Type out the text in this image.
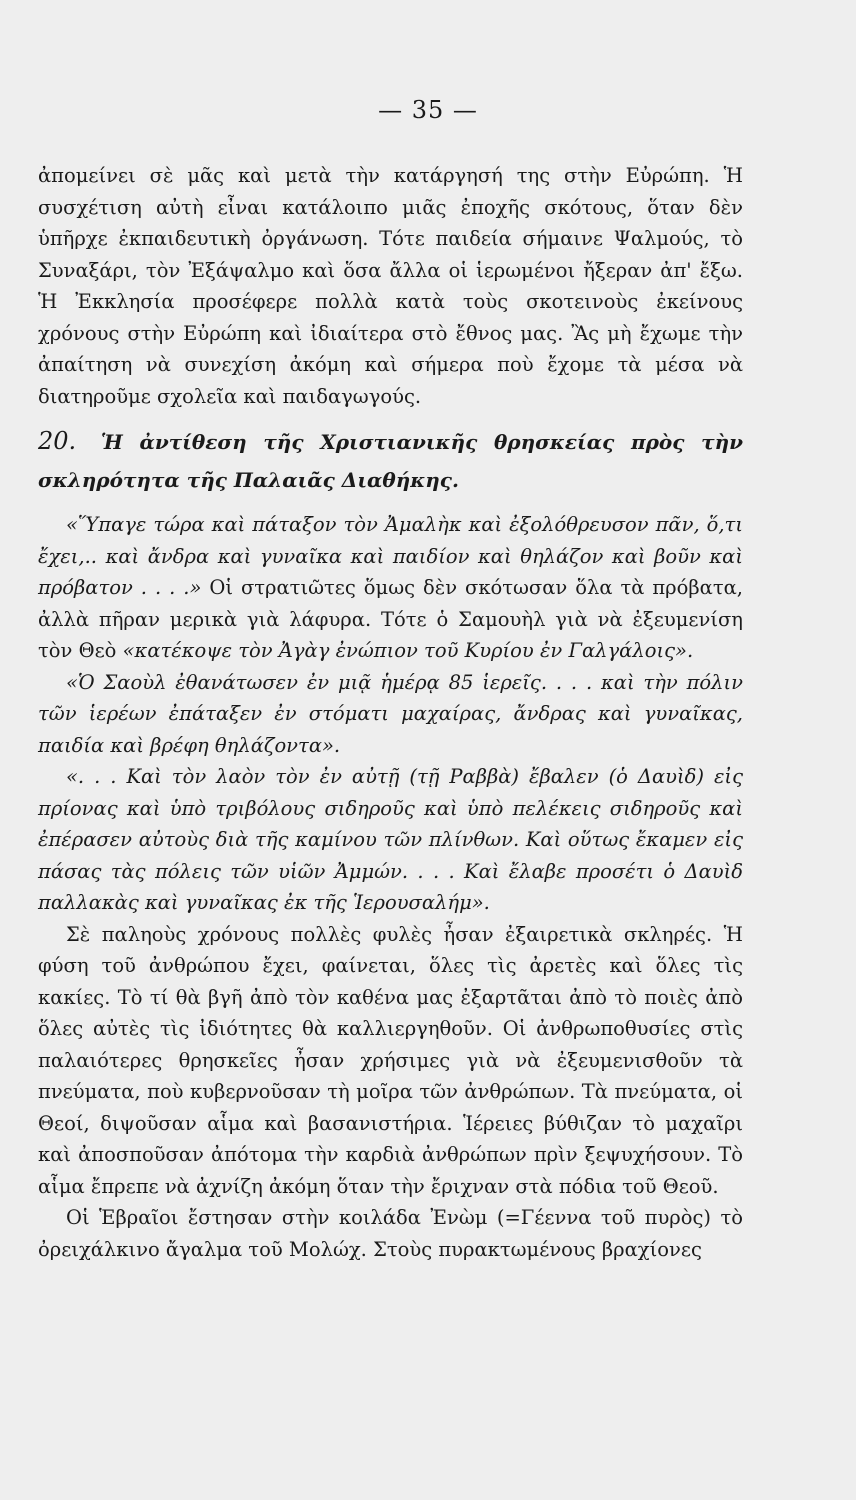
— 35 —

ἀπομείνει σὲ μᾶς καὶ μετὰ τὴν κατάργησή της στὴν Εὐρώπη. Ἡ συσχέτιση αὐτὴ εἶναι κατάλοιπο μιᾶς ἐποχῆς σκότους, ὅταν δὲν ὑπῆρχε ἐκπαιδευτικὴ ὀργάνωση. Τότε παιδεία σήμαινε Ψαλμούς, τὸ Συναξάρι, τὸν Ἐξάψαλμο καὶ ὅσα ἄλλα οἱ ἱερωμένοι ἤξεραν ἀπ' ἔξω. Ἡ Ἐκκλησία προσέφερε πολλὰ κατὰ τοὺς σκοτεινοὺς ἐκείνους χρόνους στὴν Εὐρώπη καὶ ἰδιαίτερα στὸ ἔθνος μας. Ἂς μὴ ἔχωμε τὴν ἀπαίτηση νὰ συνεχίση ἀκόμη καὶ σήμερα ποὺ ἔχομε τὰ μέσα νὰ διατηροῦμε σχολεῖα καὶ παιδαγωγούς.

20. Ἡ ἀντίθεση τῆς Χριστιανικῆς θρησκείας πρὸς τὴν σκληρότητα τῆς Παλαιᾶς Διαθήκης.

«Ὕπαγε τώρα καὶ πάταξον τὸν Ἀμαλὴκ καὶ ἐξολόθρευσον πᾶν, ὅ,τι ἔχει,.. καὶ ἄνδρα καὶ γυναῖκα καὶ παιδίον καὶ θηλάζον καὶ βοῦν καὶ πρόβατον . . . .» Οἱ στρατιῶτες ὅμως δὲν σκότωσαν ὅλα τὰ πρόβατα, ἀλλὰ πῆραν μερικὰ γιὰ λάφυρα. Τότε ὁ Σαμουὴλ γιὰ νὰ ἐξευμενίση τὸν Θεὸ «κατέκοψε τὸν Ἀγὰγ ἐνώπιον τοῦ Κυρίου ἐν Γαλγάλοις».

«Ὁ Σαοὺλ ἐθανάτωσεν ἐν μιᾷ ἡμέρᾳ 85 ἱερεῖς. . . . καὶ τὴν πόλιν τῶν ἱερέων ἐπάταξεν ἐν στόματι μαχαίρας, ἄνδρας καὶ γυναῖκας, παιδία καὶ βρέφη θηλάζοντα».

«. . . Καὶ τὸν λαὸν τὸν ἐν αὐτῇ (τῇ Ραββὰ) ἔβαλεν (ὁ Δαυὶδ) εἰς πρίονας καὶ ὑπὸ τριβόλους σιδηροῦς καὶ ὑπὸ πελέκεις σιδηροῦς καὶ ἐπέρασεν αὐτοὺς διὰ τῆς καμίνου τῶν πλίνθων. Καὶ οὕτως ἔκαμεν εἰς πάσας τὰς πόλεις τῶν υἱῶν Ἀμμών. . . . Καὶ ἔλαβε προσέτι ὁ Δαυὶδ παλλακὰς καὶ γυναῖκας ἐκ τῆς Ἱερουσαλήμ».

Σὲ παληοὺς χρόνους πολλὲς φυλὲς ἦσαν ἐξαιρετικὰ σκληρές. Ἡ φύση τοῦ ἀνθρώπου ἔχει, φαίνεται, ὅλες τὶς ἀρετὲς καὶ ὅλες τὶς κακίες. Τὸ τί θὰ βγῆ ἀπὸ τὸν καθένα μας ἐξαρτᾶται ἀπὸ τὸ ποιὲς ἀπὸ ὅλες αὐτὲς τὶς ἰδιότητες θὰ καλλιεργηθοῦν. Οἱ ἀνθρωποθυσίες στὶς παλαιότερες θρησκεῖες ἦσαν χρήσιμες γιὰ νὰ ἐξευμενισθοῦν τὰ πνεύματα, ποὺ κυβερνοῦσαν τὴ μοῖρα τῶν ἀνθρώπων. Τὰ πνεύματα, οἱ Θεοί, διψοῦσαν αἷμα καὶ βασανιστήρια. Ἱέρειες βύθιζαν τὸ μαχαῖρι καὶ ἀποσποῦσαν ἀπότομα τὴν καρδιὰ ἀνθρώπων πρὶν ξεψυχήσουν. Τὸ αἷμα ἔπρεπε νὰ ἀχνίζη ἀκόμη ὅταν τὴν ἔριχναν στὰ πόδια τοῦ Θεοῦ.

Οἱ Ἑβραῖοι ἔστησαν στὴν κοιλάδα Ἐνὼμ (=Γέεννα τοῦ πυρὸς) τὸ ὀρειχάλκινο ἄγαλμα τοῦ Μολώχ. Στοὺς πυρακτωμένους βραχίονες
